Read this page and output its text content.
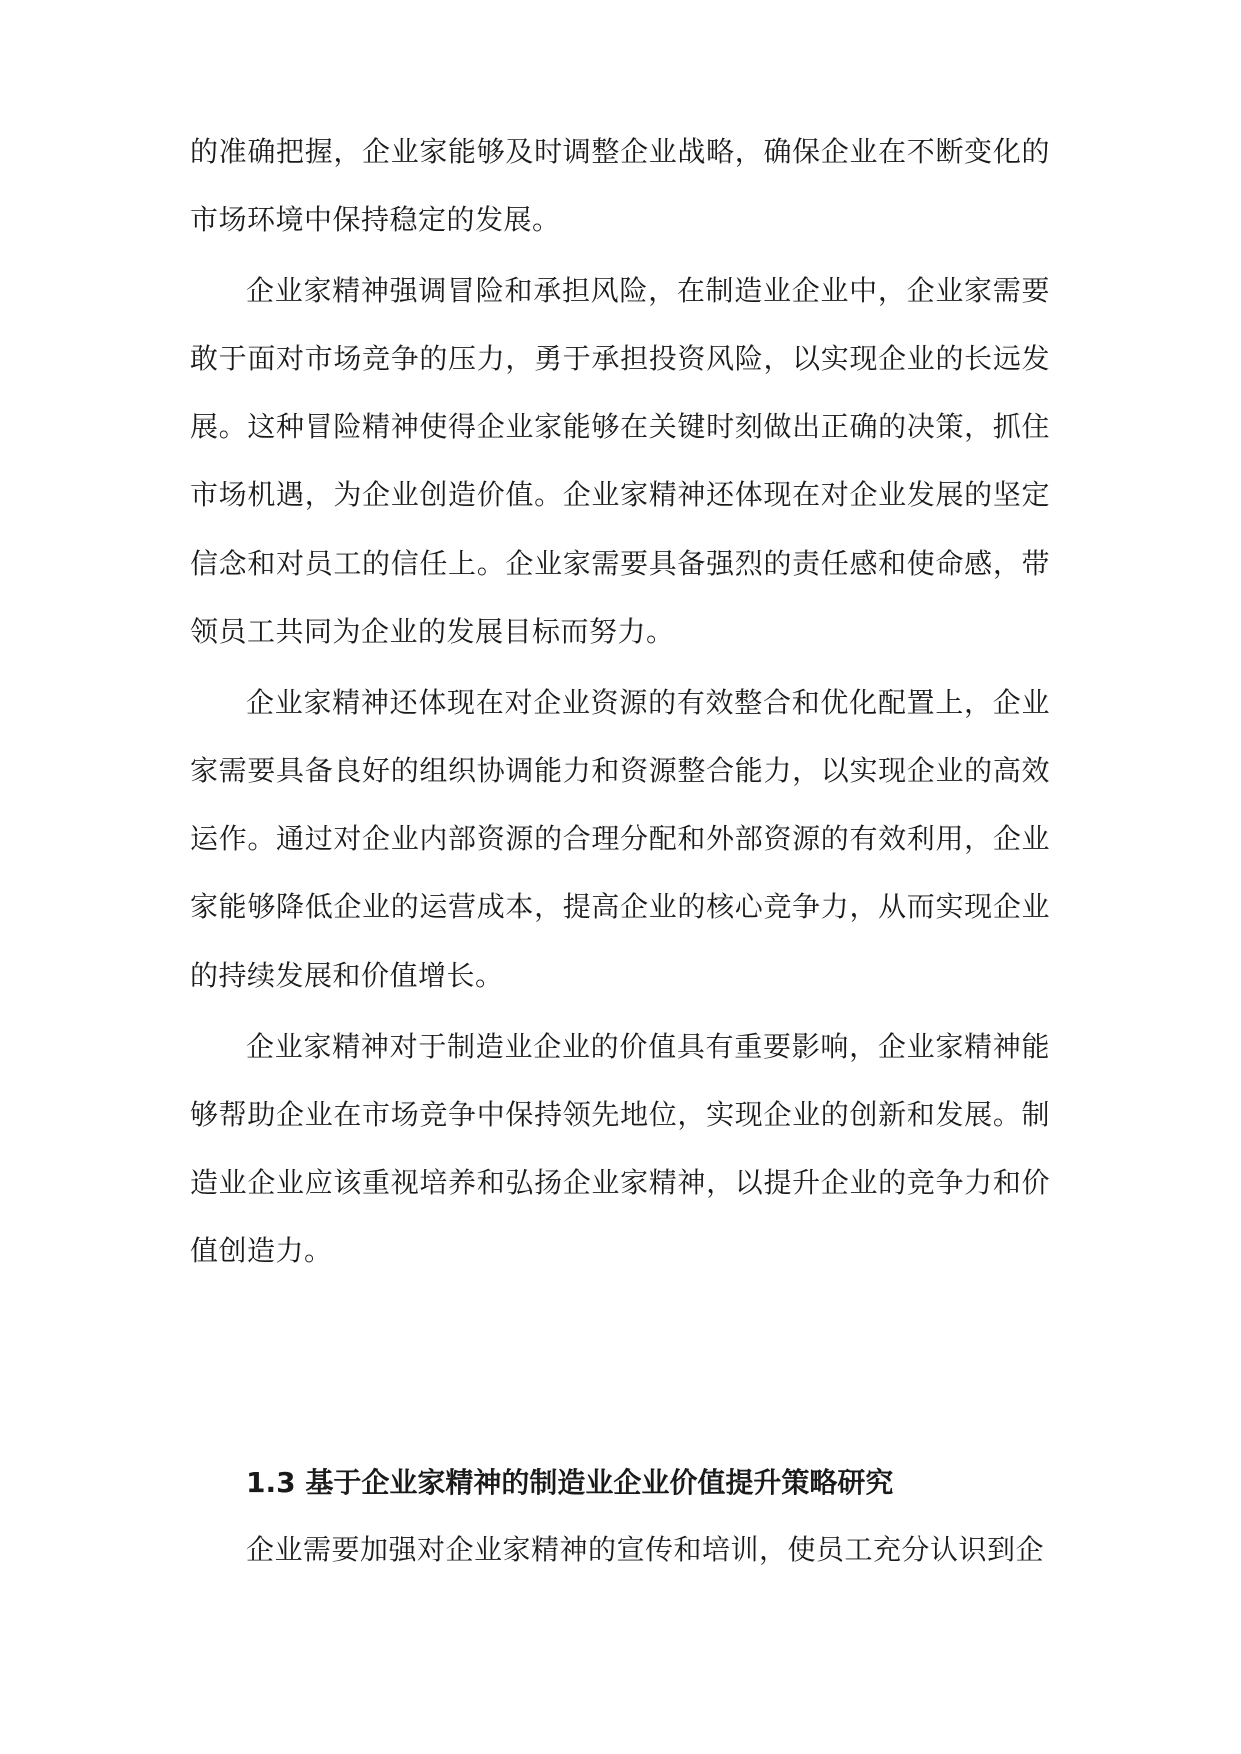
的准确把握，企业家能够及时调整企业战略，确保企业在不断变化的
市场环境中保持稳定的发展。
企业家精神强调冒险和承担风险，在制造业企业中，企业家需要
敢于面对市场竞争的压力，勇于承担投资风险，以实现企业的长远发
展。这种冒险精神使得企业家能够在关键时刻做出正确的决策，抓住
市场机遇，为企业创造价值。企业家精神还体现在对企业发展的坚定
信念和对员工的信任上。企业家需要具备强烈的责任感和使命感，带
领员工共同为企业的发展目标而努力。
企业家精神还体现在对企业资源的有效整合和优化配置上，企业
家需要具备良好的组织协调能力和资源整合能力，以实现企业的高效
运作。通过对企业内部资源的合理分配和外部资源的有效利用，企业
家能够降低企业的运营成本，提高企业的核心竞争力，从而实现企业
的持续发展和价值增长。
企业家精神对于制造业企业的价值具有重要影响，企业家精神能
够帮助企业在市场竞争中保持领先地位，实现企业的创新和发展。制
造业企业应该重视培养和弘扬企业家精神，以提升企业的竞争力和价
值创造力。
1.3 基于企业家精神的制造业企业价值提升策略研究
企业需要加强对企业家精神的宣传和培训，使员工充分认识到企
